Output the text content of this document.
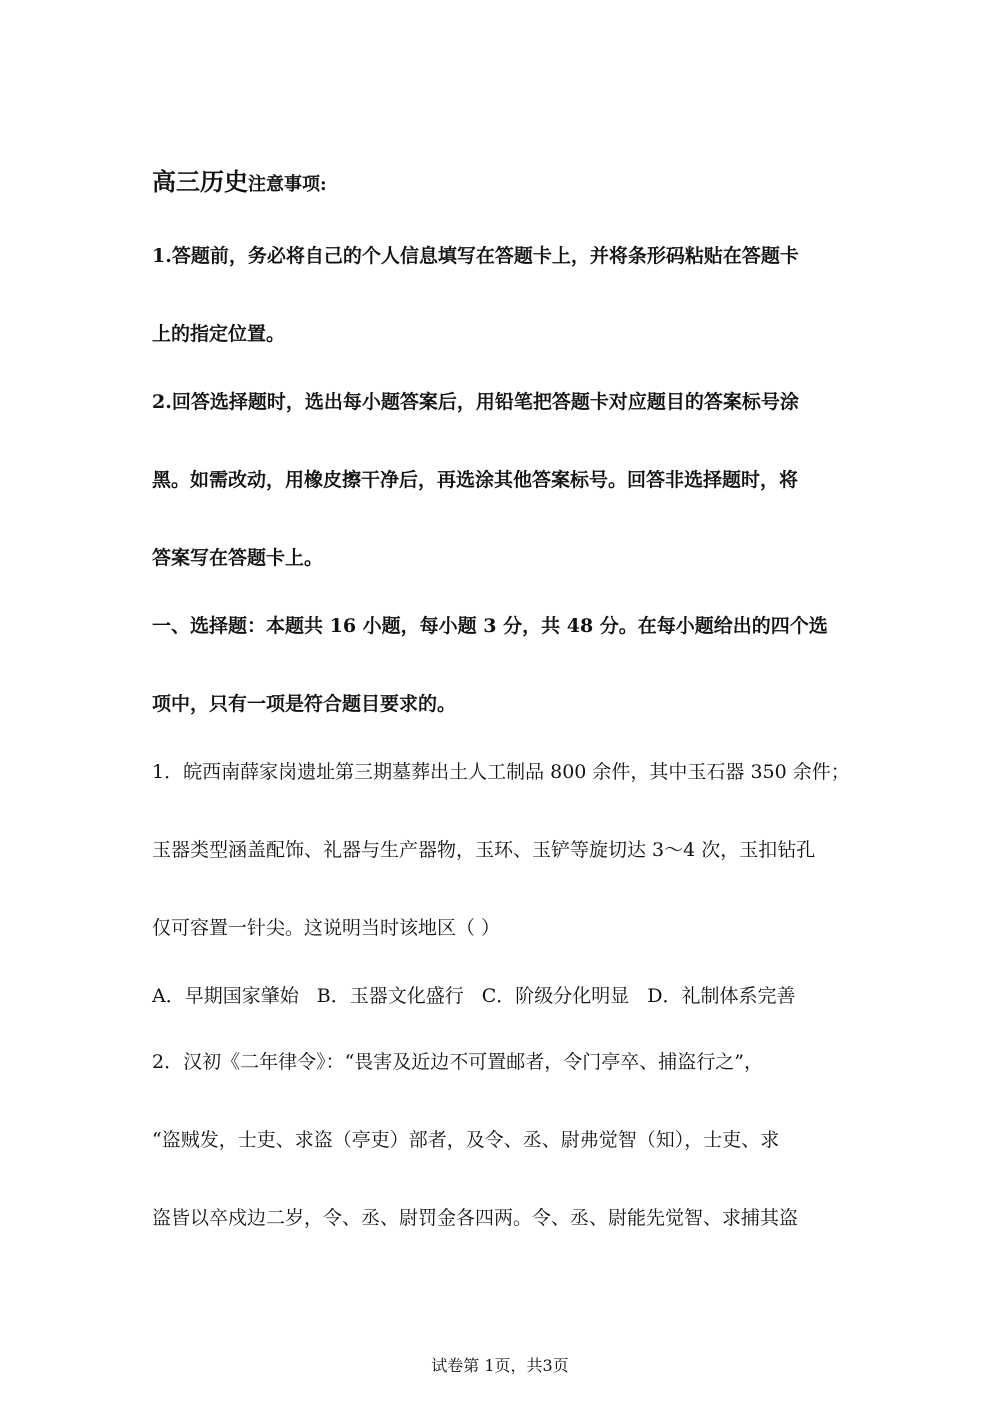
高三历史注意事项:
1.答题前，务必将自己的个人信息填写在答题卡上，并将条形码粘贴在答题卡
上的指定位置。
2.回答选择题时，选出每小题答案后，用铅笔把答题卡对应题目的答案标号涂
黑。如需改动，用橡皮擦干净后，再选涂其他答案标号。回答非选择题时，将
答案写在答题卡上。
一、选择题：本题共 16 小题，每小题 3 分，共 48 分。在每小题给出的四个选
项中，只有一项是符合题目要求的。
1．皖西南薛家岗遗址第三期墓葬出土人工制品 800 余件，其中玉石器 350 余件；
玉器类型涵盖配饰、礼器与生产器物，玉环、玉铲等旋切达 3～4 次，玉扣钻孔
仅可容置一针尖。这说明当时该地区（ ）
A．早期国家肇始 B．玉器文化盛行 C．阶级分化明显 D．礼制体系完善
2．汉初《二年律令》：“畏害及近边不可置邮者，令门亭卒、捕盗行之”，
“盗贼发，士吏、求盗（亭吏）部者，及令、丞、尉弗觉智（知），士吏、求
盗皆以卒戍边二岁，令、丞、尉罚金各四两。令、丞、尉能先觉智、求捕其盗
试卷第 1页，共3页
